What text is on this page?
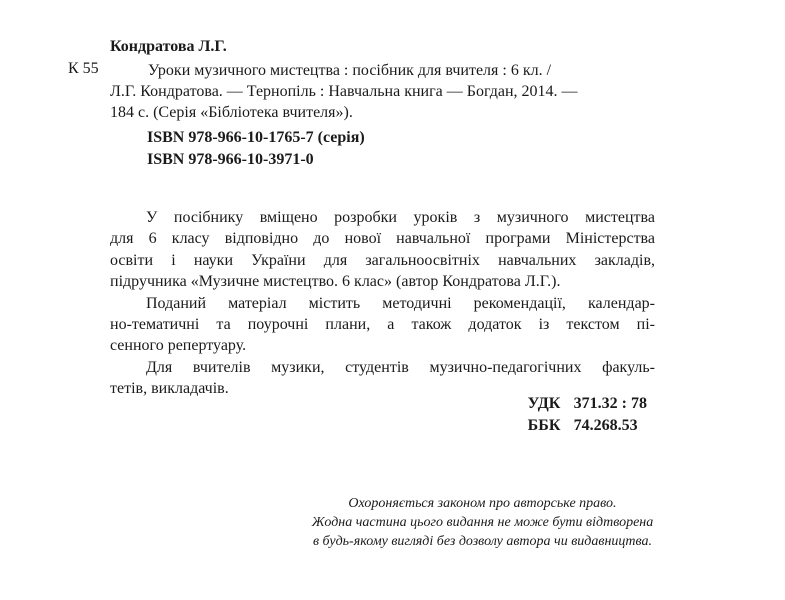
Кондратова Л.Г.
К 55	Уроки музичного мистецтва : посібник для вчителя : 6 кл. /
Л.Г. Кондратова. — Тернопіль : Навчальна книга — Богдан, 2014. —
184 с. (Серія «Бібліотека вчителя»).
ISBN 978-966-10-1765-7 (серія)
ISBN 978-966-10-3971-0
У посібнику вміщено розробки уроків з музичного мистецтва
для 6 класу відповідно до нової навчальної програми Міністерства
освіти і науки України для загальноосвітніх навчальних закладів,
підручника «Музичне мистецтво. 6 клас» (автор Кондратова Л.Г.).
Поданий матеріал містить методичні рекомендації, календар-
но-тематичні та поурочні плани, а також додаток із текстом пі-
сенного репертуару.
Для вчителів музики, студентів музично-педагогічних факуль-
тетів, викладачів.
УДК 371.32 : 78
ББК 74.268.53
Охороняється законом про авторське право.
Жодна частина цього видання не може бути відтворена
в будь-якому вигляді без дозволу автора чи видавництва.
